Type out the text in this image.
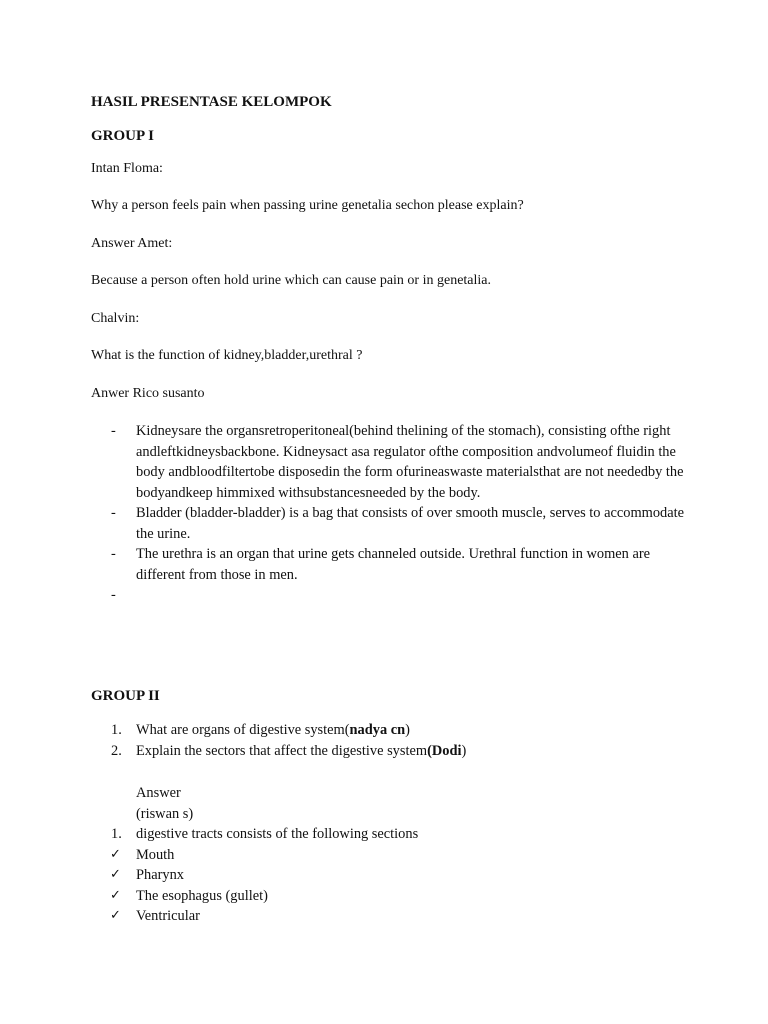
HASIL PRESENTASE KELOMPOK
GROUP I
Intan Floma:
Why a person feels pain when passing urine genetalia sechon please explain?
Answer Amet:
Because a person often hold urine which can cause pain or in genetalia.
Chalvin:
What is the function of kidney,bladder,urethral ?
Anwer Rico susanto
- Kidneysare the organsretroperitoneal(behind thelining of the stomach), consisting ofthe right andleftkidneysbackbone. Kidneysact asa regulator ofthe composition andvolumeof fluidin the body andbloodfiltertobe disposedin the form ofurineaswaste materialsthat are not neededby the bodyandkeep himmixed withsubstancesneeded by the body.
- Bladder (bladder-bladder) is a bag that consists of over smooth muscle, serves to accommodate the urine.
- The urethra is an organ that urine gets channeled outside. Urethral function in women are different from those in men.
-
GROUP II
1. What are organs of digestive system(nadya cn)
2. Explain the sectors that affect the digestive system(Dodi)
Answer
(riswan s)
1. digestive tracts consists of the following sections
✓ Mouth
✓ Pharynx
✓ The esophagus (gullet)
✓ Ventricular
